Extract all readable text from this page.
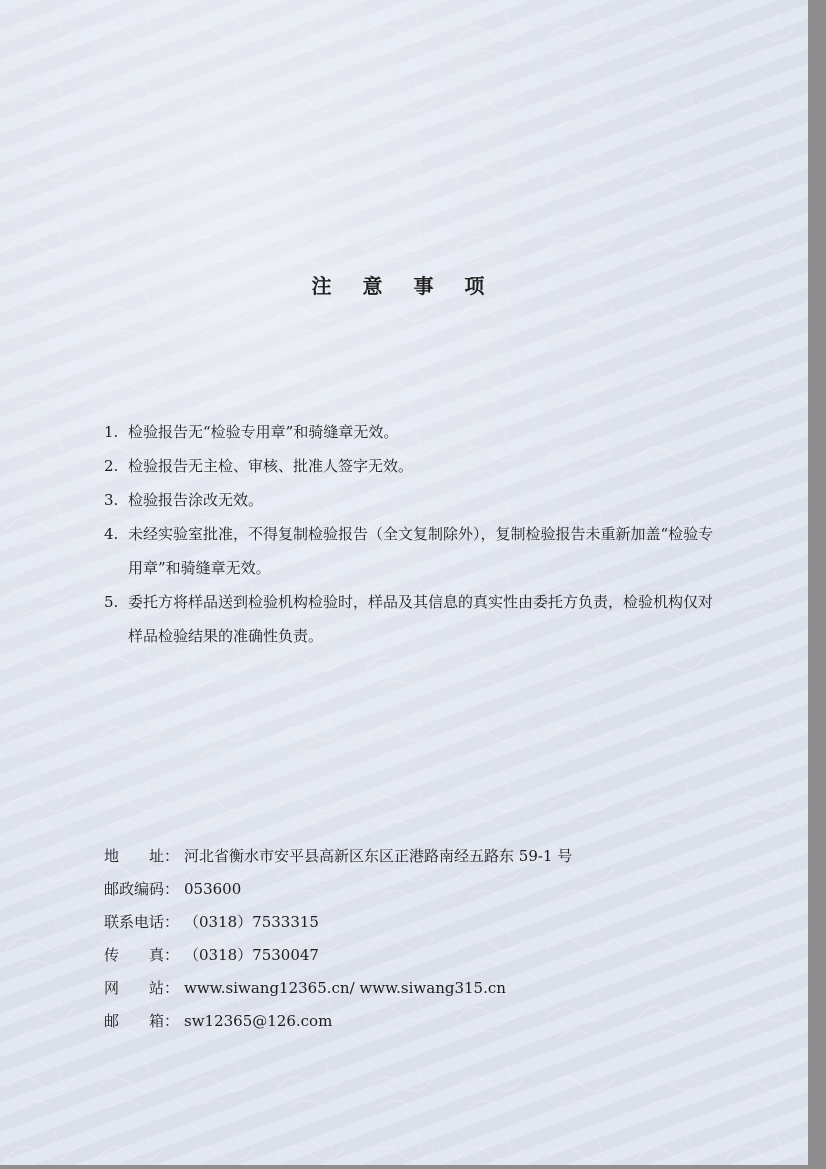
注 意 事 项
1. 检验报告无“检验专用章”和骑缝章无效。
2. 检验报告无主检、审核、批准人签字无效。
3. 检验报告涂改无效。
4. 未经实验室批准，不得复制检验报告（全文复制除外），复制检验报告未重新加盖“检验专用章”和骑缝章无效。
5. 委托方将样品送到检验机构检验时，样品及其信息的真实性由委托方负责，检验机构仅对样品检验结果的准确性负责。
地　　址： 河北省衡水市安平县高新区东区正港路南经五路东 59-1 号
邮政编码： 053600
联系电话： （0318）7533315
传　　真： （0318）7530047
网　　站： www.siwang12365.cn/ www.siwang315.cn
邮　　箱： sw12365@126.com
